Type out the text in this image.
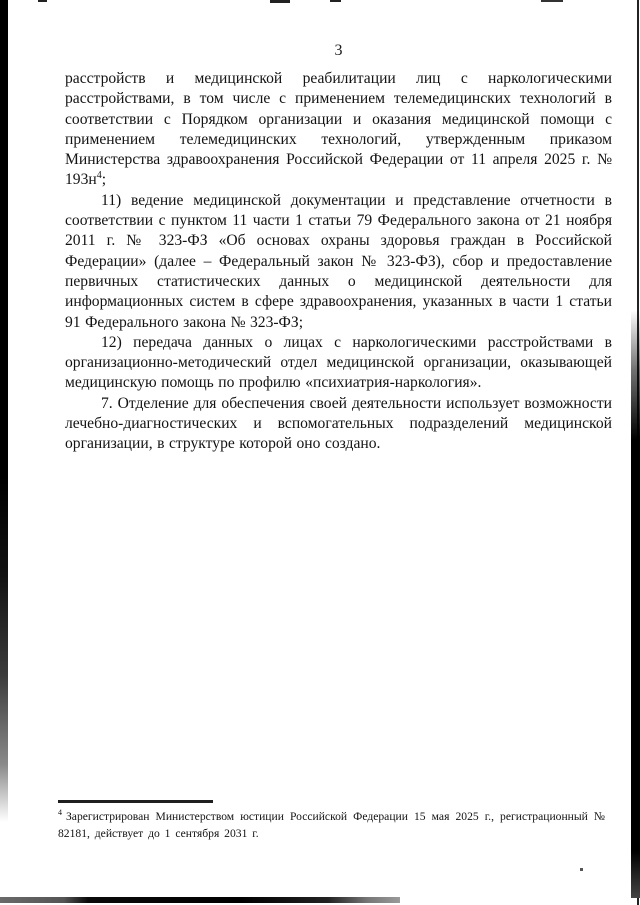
3

расстройств и медицинской реабилитации лиц с наркологическими расстройствами, в том числе с применением телемедицинских технологий в соответствии с Порядком организации и оказания медицинской помощи с применением телемедицинских технологий, утвержденным приказом Министерства здравоохранения Российской Федерации от 11 апреля 2025 г. № 193н$^4$;

11) ведение медицинской документации и представление отчетности в соответствии с пунктом 11 части 1 статьи 79 Федерального закона от 21 ноября 2011 г. № 323-ФЗ «Об основах охраны здоровья граждан в Российской Федерации» (далее – Федеральный закон № 323-ФЗ), сбор и предоставление первичных статистических данных о медицинской деятельности для информационных систем в сфере здравоохранения, указанных в части 1 статьи 91 Федерального закона № 323-ФЗ;

12) передача данных о лицах с наркологическими расстройствами в организационно-методический отдел медицинской организации, оказывающей медицинскую помощь по профилю «психиатрия-наркология».

7. Отделение для обеспечения своей деятельности использует возможности лечебно-диагностических и вспомогательных подразделений медицинской организации, в структуре которой оно создано.

$^4$ Зарегистрирован Министерством юстиции Российской Федерации 15 мая 2025 г., регистрационный № 82181, действует до 1 сентября 2031 г.
